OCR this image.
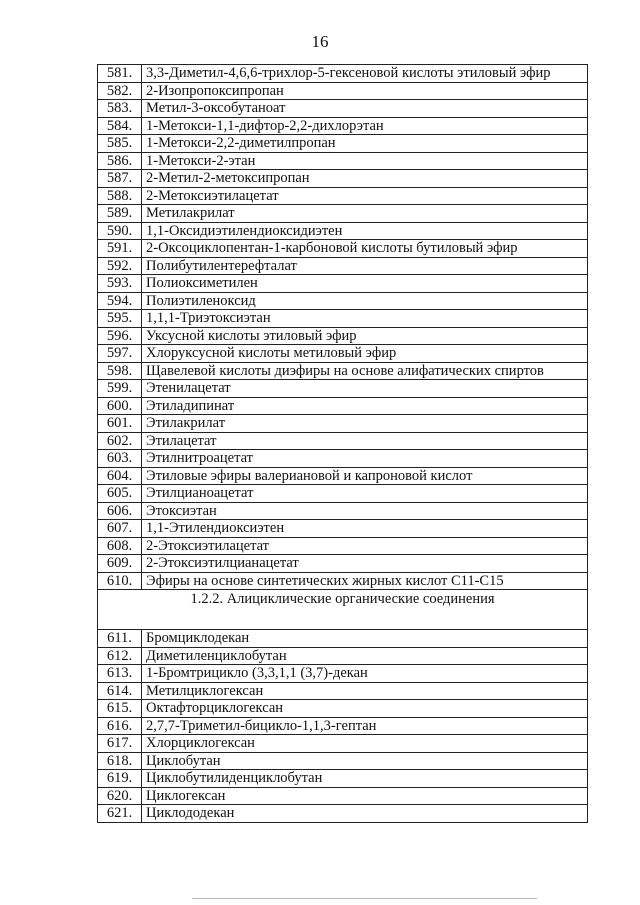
16
581.	3,3-Диметил-4,6,6-трихлор-5-гексеновой кислоты этиловый эфир
582.	2-Изопропоксипропан
583.	Метил-3-оксобутаноат
584.	1-Метокси-1,1-дифтор-2,2-дихлорэтан
585.	1-Метокси-2,2-диметилпропан
586.	1-Метокси-2-этан
587.	2-Метил-2-метоксипропан
588.	2-Метоксиэтилацетат
589.	Метилакрилат
590.	1,1-Оксидиэтилендиоксидиэтен
591.	2-Оксоциклопентан-1-карбоновой кислоты бутиловый эфир
592.	Полибутилентерефталат
593.	Полиоксиметилен
594.	Полиэтиленоксид
595.	1,1,1-Триэтоксиэтан
596.	Уксусной кислоты этиловый эфир
597.	Хлоруксусной кислоты метиловый эфир
598.	Щавелевой кислоты диэфиры на основе алифатических спиртов
599.	Этенилацетат
600.	Этиладипинат
601.	Этилакрилат
602.	Этилацетат
603.	Этилнитроацетат
604.	Этиловые эфиры валериановой и капроновой кислот
605.	Этилцианоацетат
606.	Этоксиэтан
607.	1,1-Этилендиоксиэтен
608.	2-Этоксиэтилацетат
609.	2-Этоксиэтилцианацетат
610.	Эфиры на основе синтетических жирных кислот С11-С15
1.2.2. Алициклические органические соединения	
611.	Бромциклодекан
612.	Диметиленциклобутан
613.	1-Бромтрицикло (3,3,1,1 (3,7)-декан
614.	Метилциклогексан
615.	Октафторциклогексан
616.	2,7,7-Триметил-бицикло-1,1,3-гептан
617.	Хлорциклогексан
618.	Циклобутан
619.	Циклобутилиденциклобутан
620.	Циклогексан
621.	Циклододекан
